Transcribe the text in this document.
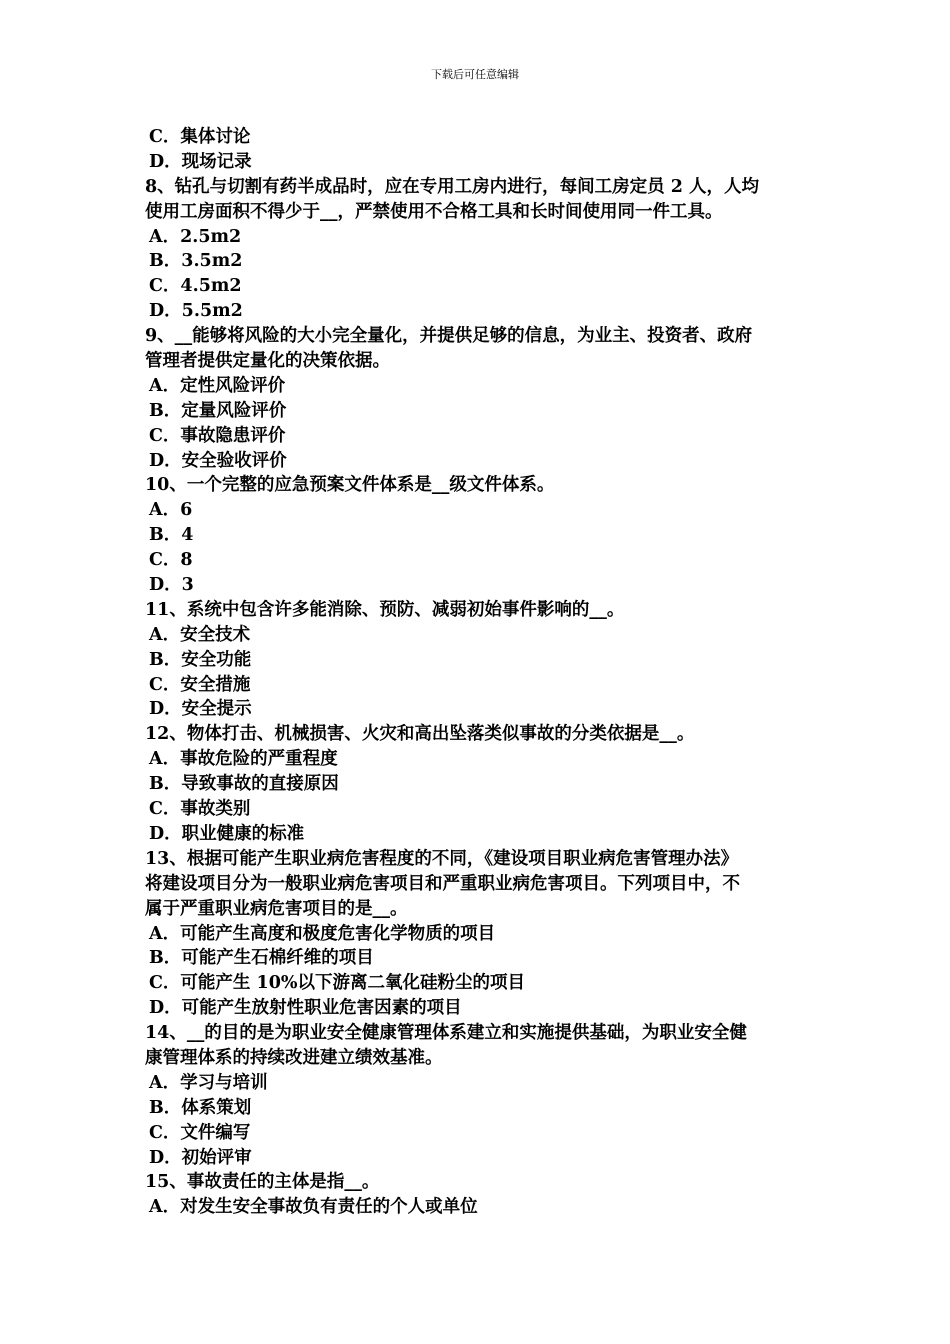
下载后可任意编辑
C．集体讨论
D．现场记录
8、钻孔与切割有药半成品时，应在专用工房内进行，每间工房定员 2 人，人均
使用工房面积不得少于__，严禁使用不合格工具和长时间使用同一件工具。
A．2.5m2
B．3.5m2
C．4.5m2
D．5.5m2
9、__能够将风险的大小完全量化，并提供足够的信息，为业主、投资者、政府
管理者提供定量化的决策依据。
A．定性风险评价
B．定量风险评价
C．事故隐患评价
D．安全验收评价
10、一个完整的应急预案文件体系是__级文件体系。
A．6
B．4
C．8
D．3
11、系统中包含许多能消除、预防、减弱初始事件影响的__。
A．安全技术
B．安全功能
C．安全措施
D．安全提示
12、物体打击、机械损害、火灾和高出坠落类似事故的分类依据是__。
A．事故危险的严重程度
B．导致事故的直接原因
C．事故类别
D．职业健康的标准
13、根据可能产生职业病危害程度的不同，《建设项目职业病危害管理办法》
将建设项目分为一般职业病危害项目和严重职业病危害项目。下列项目中，不
属于严重职业病危害项目的是__。
A．可能产生高度和极度危害化学物质的项目
B．可能产生石棉纤维的项目
C．可能产生 10%以下游离二氧化硅粉尘的项目
D．可能产生放射性职业危害因素的项目
14、__的目的是为职业安全健康管理体系建立和实施提供基础，为职业安全健
康管理体系的持续改进建立绩效基准。
A．学习与培训
B．体系策划
C．文件编写
D．初始评审
15、事故责任的主体是指__。
A．对发生安全事故负有责任的个人或单位
